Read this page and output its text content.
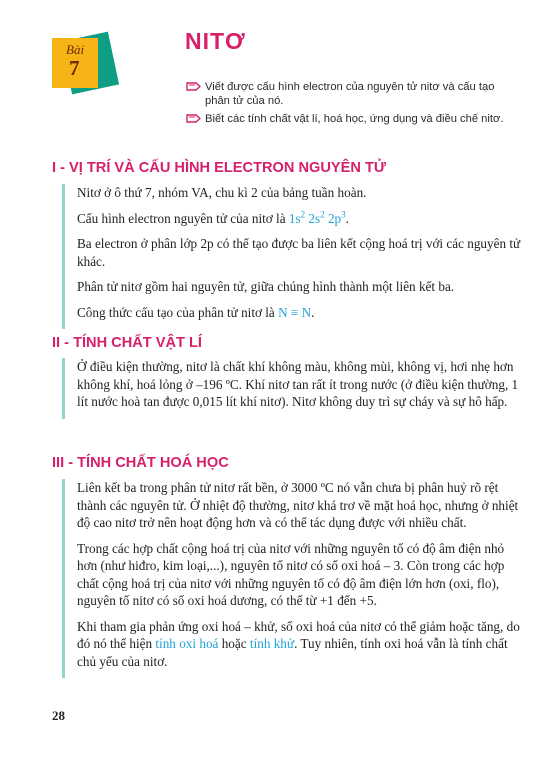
Bài
7
NITƠ
Viết được cấu hình electron của nguyên tử nitơ và cấu tạo phân tử của nó.
Biết các tính chất vật lí, hoá học, ứng dụng và điều chế nitơ.
I - VỊ TRÍ VÀ CẤU HÌNH ELECTRON NGUYÊN TỬ

Nitơ ở ô thứ 7, nhóm VA, chu kì 2 của bảng tuần hoàn.

Cấu hình electron nguyên tử của nitơ là $1s^2$ $2s^2$ $2p^3$.

Ba electron ở phân lớp 2p có thể tạo được ba liên kết cộng hoá trị với các nguyên tử khác.

Phân tử nitơ gồm hai nguyên tử, giữa chúng hình thành một liên kết ba.

Công thức cấu tạo của phân tử nitơ là N ≡ N.

II - TÍNH CHẤT VẬT LÍ

Ở điều kiện thường, nitơ là chất khí không màu, không mùi, không vị, hơi nhẹ hơn không khí, hoá lỏng ở –196 ºC. Khí nitơ tan rất ít trong nước (ở điều kiện thường, 1 lít nước hoà tan được 0,015 lít khí nitơ). Nitơ không duy trì sự cháy và sự hô hấp.

III - TÍNH CHẤT HOÁ HỌC

Liên kết ba trong phân tử nitơ rất bền, ở 3000 ºC nó vẫn chưa bị phân huỷ rõ rệt thành các nguyên tử. Ở nhiệt độ thường, nitơ khá trơ về mặt hoá học, nhưng ở nhiệt độ cao nitơ trở nên hoạt động hơn và có thể tác dụng được với nhiều chất.

Trong các hợp chất cộng hoá trị của nitơ với những nguyên tố có độ âm điện nhỏ hơn (như hiđro, kim loại,...), nguyên tố nitơ có số oxi hoá – 3. Còn trong các hợp chất cộng hoá trị của nitơ với những nguyên tố có độ âm điện lớn hơn (oxi, flo), nguyên tố nitơ có số oxi hoá dương, có thể từ +1 đến +5.

Khi tham gia phản ứng oxi hoá – khử, số oxi hoá của nitơ có thể giảm hoặc tăng, do đó nó thể hiện tính oxi hoá hoặc tính khử. Tuy nhiên, tính oxi hoá vẫn là tính chất chủ yếu của nitơ.

28
